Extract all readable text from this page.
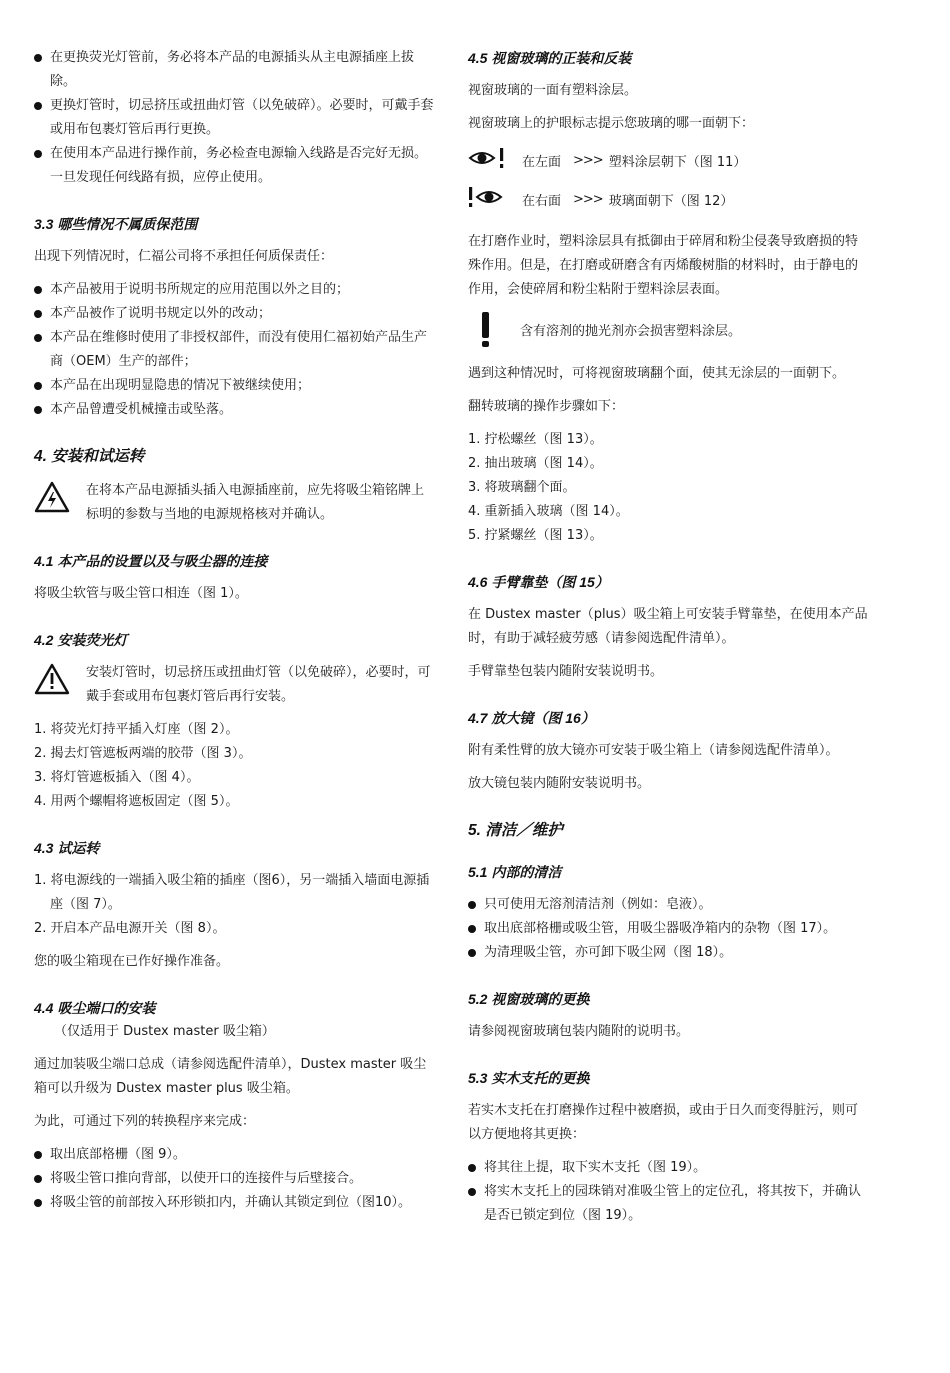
在更换荧光灯管前，务必将本产品的电源插头从主电源插座上拔除。
更换灯管时，切忌挤压或扭曲灯管（以免破碎）。必要时，可戴手套或用布包裹灯管后再行更换。
在使用本产品进行操作前，务必检查电源输入线路是否完好无损。一旦发现任何线路有损，应停止使用。
3.3 哪些情况不属质保范围

出现下列情况时，仁福公司将不承担任何质保责任：

本产品被用于说明书所规定的应用范围以外之目的；
本产品被作了说明书规定以外的改动；
本产品在维修时使用了非授权部件，而没有使用仁福初始产品生产商（OEM）生产的部件；
本产品在出现明显隐患的情况下被继续使用；
本产品曾遭受机械撞击或坠落。
4. 安装和试运转

在将本产品电源插头插入电源插座前，应先将吸尘箱铭牌上标明的参数与当地的电源规格核对并确认。

4.1 本产品的设置以及与吸尘器的连接

将吸尘软管与吸尘管口相连（图 1）。

4.2 安装荧光灯

安装灯管时，切忌挤压或扭曲灯管（以免破碎），必要时，可戴手套或用布包裹灯管后再行安装。

1. 将荧光灯持平插入灯座（图 2）。
2. 揭去灯管遮板两端的胶带（图 3）。
3. 将灯管遮板插入（图 4）。
4. 用两个螺帽将遮板固定（图 5）。
4.3 试运转
1. 将电源线的一端插入吸尘箱的插座（图6），另一端插入墙面电源插座（图 7）。
2. 开启本产品电源开关（图 8）。

您的吸尘箱现在已作好操作准备。

4.4 吸尘端口的安装

（仅适用于 Dustex master 吸尘箱）

通过加装吸尘端口总成（请参阅选配件清单），Dustex master 吸尘箱可以升级为 Dustex master plus 吸尘箱。

为此，可通过下列的转换程序来完成：

取出底部格栅（图 9）。
将吸尘管口推向背部，以使开口的连接件与后壁接合。
将吸尘管的前部按入环形锁扣内，并确认其锁定到位（图10）。
4.5 视窗玻璃的正装和反装

视窗玻璃的一面有塑料涂层。

视窗玻璃上的护眼标志提示您玻璃的哪一面朝下：

在左面 >>> 塑料涂层朝下（图 11）
在右面 >>> 玻璃面朝下（图 12）

在打磨作业时，塑料涂层具有抵御由于碎屑和粉尘侵袭导致磨损的特殊作用。但是，在打磨或研磨含有丙烯酸树脂的材料时，由于静电的作用，会使碎屑和粉尘粘附于塑料涂层表面。

含有溶剂的抛光剂亦会损害塑料涂层。

遇到这种情况时，可将视窗玻璃翻个面，使其无涂层的一面朝下。

翻转玻璃的操作步骤如下：

1. 拧松螺丝（图 13）。
2. 抽出玻璃（图 14）。
3. 将玻璃翻个面。
4. 重新插入玻璃（图 14）。
5. 拧紧螺丝（图 13）。
4.6 手臂靠垫（图 15）

在 Dustex master（plus）吸尘箱上可安装手臂靠垫，在使用本产品时，有助于减轻疲劳感（请参阅选配件清单）。

手臂靠垫包装内随附安装说明书。

4.7 放大镜（图 16）

附有柔性臂的放大镜亦可安装于吸尘箱上（请参阅选配件清单）。

放大镜包装内随附安装说明书。

5. 清洁／维护
5.1 内部的清洁
只可使用无溶剂清洁剂（例如：皂液）。
取出底部格栅或吸尘管，用吸尘器吸净箱内的杂物（图 17）。
为清理吸尘管，亦可卸下吸尘网（图 18）。
5.2 视窗玻璃的更换

请参阅视窗玻璃包装内随附的说明书。

5.3 实木支托的更换

若实木支托在打磨操作过程中被磨损，或由于日久而变得脏污，则可以方便地将其更换：

将其往上提，取下实木支托（图 19）。
将实木支托上的园珠销对准吸尘管上的定位孔，将其按下，并确认是否已锁定到位（图 19）。
